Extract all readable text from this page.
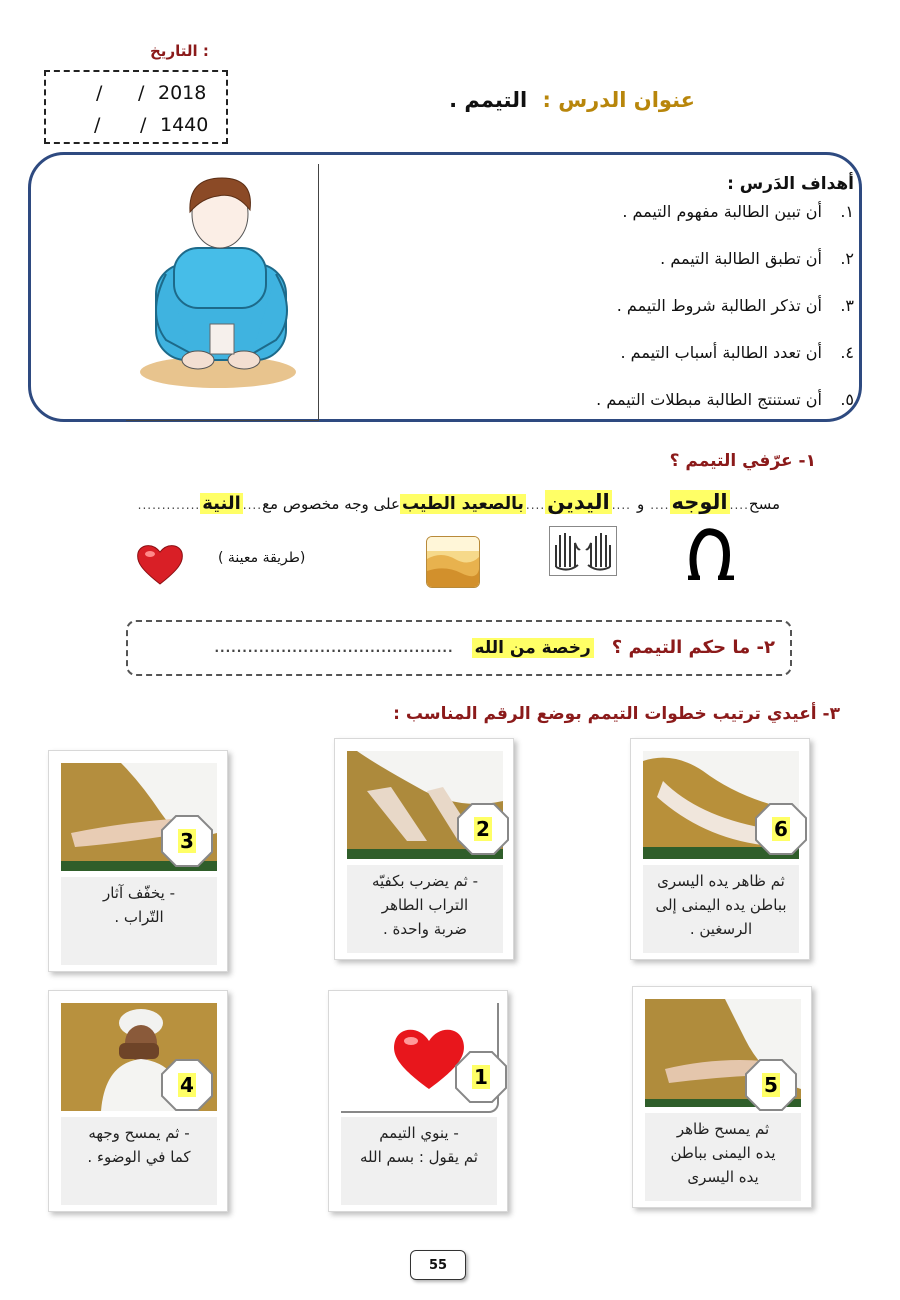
التاريخ :
/ / 2018
/ / 1440
عنوان الدرس : التيمم .
أهداف الدَرس :
١.
أن تبين الطالبة مفهوم التيمم .
٢.
أن تطبق الطالبة التيمم .
٣.
أن تذكر الطالبة شروط التيمم .
٤.
أن تعدد الطالبة أسباب التيمم .
٥.
أن تستنتج الطالبة مبطلات التيمم .
١- عرّفي التيمم ؟
مسح
....
الوجه
....
و
....
اليدين
....
بالصعيد الطيب
على وجه مخصوص مع
....
النية
.............
(طريقة معينة )
٢- ما حكم التيمم ؟
رخصة من الله
...........................................
٣- أعيدي ترتيب خطوات التيمم بوضع الرقم المناسب :
ثم ظاهر يده اليسرى
بباطن يده اليمنى إلى
الرسغين .
6
- ثم يضرب بكفيّه
التراب الطاهر
ضربة واحدة .
2
- يخفّف آثار
التّراب .
3
ثم يمسح ظاهر
يده اليمنى بباطن
يده اليسرى
5
- ينوي التيمم
ثم يقول : بسم الله
1
- ثم يمسح وجهه
كما في الوضوء .
4
55
